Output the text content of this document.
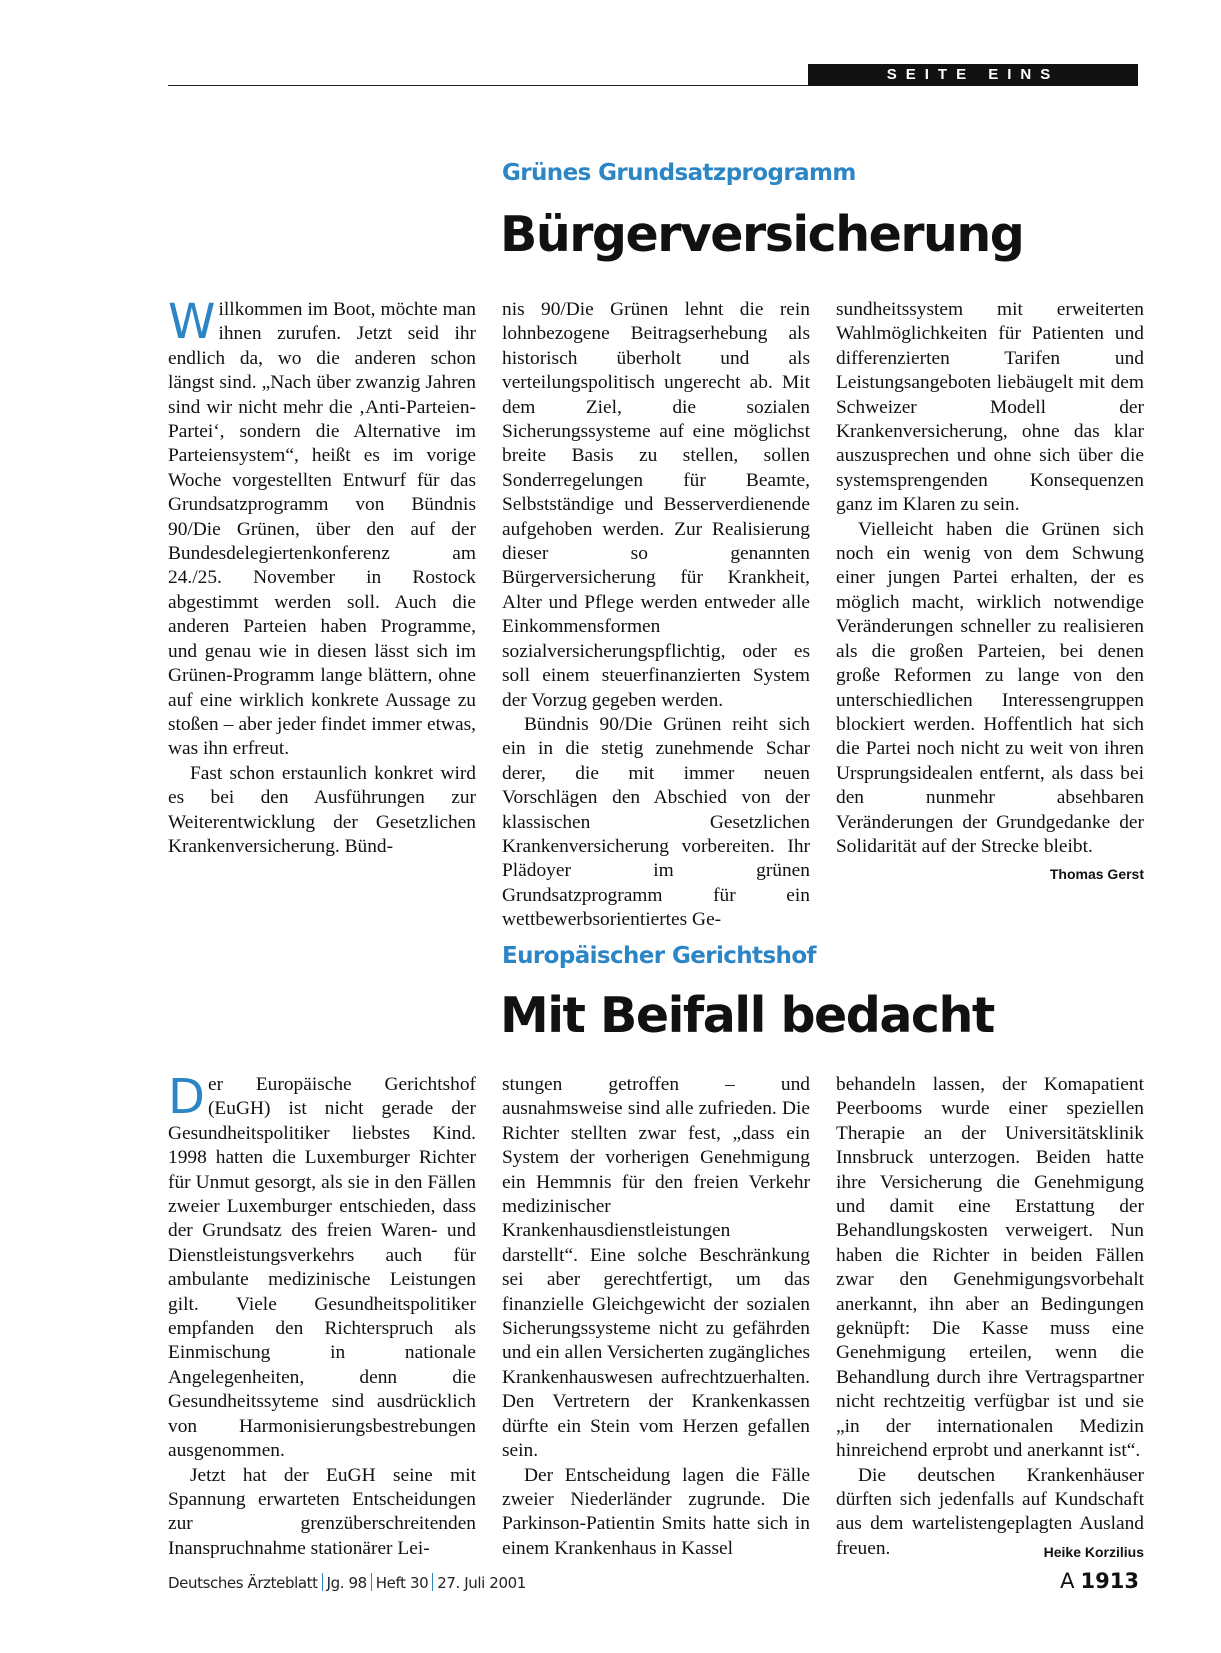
SEITE EINS
Grünes Grundsatzprogramm
Bürgerversicherung

Willkommen im Boot, möchte man ihnen zurufen. Jetzt seid ihr endlich da, wo die anderen schon längst sind. „Nach über zwanzig Jahren sind wir nicht mehr die ‚Anti-Parteien-Partei‘, sondern die Alternative im Parteiensystem“, heißt es im vorige Woche vorgestellten Entwurf für das Grundsatzprogramm von Bündnis 90/Die Grünen, über den auf der Bundesdelegiertenkonferenz am 24./25. November in Rostock abgestimmt werden soll. Auch die anderen Parteien haben Programme, und genau wie in diesen lässt sich im Grünen-Programm lange blättern, ohne auf eine wirklich konkrete Aussage zu stoßen – aber jeder findet immer etwas, was ihn erfreut.

Fast schon erstaunlich konkret wird es bei den Ausführungen zur Weiterentwicklung der Gesetzlichen Krankenversicherung. Bünd-

nis 90/Die Grünen lehnt die rein lohnbezogene Beitragserhebung als historisch überholt und als verteilungspolitisch ungerecht ab. Mit dem Ziel, die sozialen Sicherungssysteme auf eine möglichst breite Basis zu stellen, sollen Sonderregelungen für Beamte, Selbstständige und Besserverdienende aufgehoben werden. Zur Realisierung dieser so genannten Bürgerversicherung für Krankheit, Alter und Pflege werden entweder alle Einkommensformen sozialversicherungspflichtig, oder es soll einem steuerfinanzierten System der Vorzug gegeben werden.

Bündnis 90/Die Grünen reiht sich ein in die stetig zunehmende Schar derer, die mit immer neuen Vorschlägen den Abschied von der klassischen Gesetzlichen Krankenversicherung vorbereiten. Ihr Plädoyer im grünen Grundsatzprogramm für ein wettbewerbsorientiertes Ge-

sundheitssystem mit erweiterten Wahlmöglichkeiten für Patienten und differenzierten Tarifen und Leistungsangeboten liebäugelt mit dem Schweizer Modell der Krankenversicherung, ohne das klar auszusprechen und ohne sich über die systemsprengenden Konsequenzen ganz im Klaren zu sein.

Vielleicht haben die Grünen sich noch ein wenig von dem Schwung einer jungen Partei erhalten, der es möglich macht, wirklich notwendige Veränderungen schneller zu realisieren als die großen Parteien, bei denen große Reformen zu lange von den unterschiedlichen Interessengruppen blockiert werden. Hoffentlich hat sich die Partei noch nicht zu weit von ihren Ursprungsidealen entfernt, als dass bei den nunmehr absehbaren Veränderungen der Grundgedanke der Solidarität auf der Strecke bleibt.
Thomas Gerst

Europäischer Gerichtshof
Mit Beifall bedacht

Der Europäische Gerichtshof (EuGH) ist nicht gerade der Gesundheitspolitiker liebstes Kind. 1998 hatten die Luxemburger Richter für Unmut gesorgt, als sie in den Fällen zweier Luxemburger entschieden, dass der Grundsatz des freien Waren- und Dienstleistungsverkehrs auch für ambulante medizinische Leistungen gilt. Viele Gesundheitspolitiker empfanden den Richterspruch als Einmischung in nationale Angelegenheiten, denn die Gesundheitssyteme sind ausdrücklich von Harmonisierungsbestrebungen ausgenommen.

Jetzt hat der EuGH seine mit Spannung erwarteten Entscheidungen zur grenzüberschreitenden Inanspruchnahme stationärer Lei-

stungen getroffen – und ausnahmsweise sind alle zufrieden. Die Richter stellten zwar fest, „dass ein System der vorherigen Genehmigung ein Hemmnis für den freien Verkehr medizinischer Krankenhausdienstleistungen darstellt“. Eine solche Beschränkung sei aber gerechtfertigt, um das finanzielle Gleichgewicht der sozialen Sicherungssysteme nicht zu gefährden und ein allen Versicherten zugängliches Krankenhauswesen aufrechtzuerhalten. Den Vertretern der Krankenkassen dürfte ein Stein vom Herzen gefallen sein.

Der Entscheidung lagen die Fälle zweier Niederländer zugrunde. Die Parkinson-Patientin Smits hatte sich in einem Krankenhaus in Kassel

behandeln lassen, der Komapatient Peerbooms wurde einer speziellen Therapie an der Universitätsklinik Innsbruck unterzogen. Beiden hatte ihre Versicherung die Genehmigung und damit eine Erstattung der Behandlungskosten verweigert. Nun haben die Richter in beiden Fällen zwar den Genehmigungsvorbehalt anerkannt, ihn aber an Bedingungen geknüpft: Die Kasse muss eine Genehmigung erteilen, wenn die Behandlung durch ihre Vertragspartner nicht rechtzeitig verfügbar ist und sie „in der internationalen Medizin hinreichend erprobt und anerkannt ist“.

Die deutschen Krankenhäuser dürften sich jedenfalls auf Kundschaft aus dem wartelistengeplagten Ausland freuen.	Heike Korzilius

Deutsches Ärzteblatt Jg. 98 Heft 30 27. Juli 2001	A 1913
